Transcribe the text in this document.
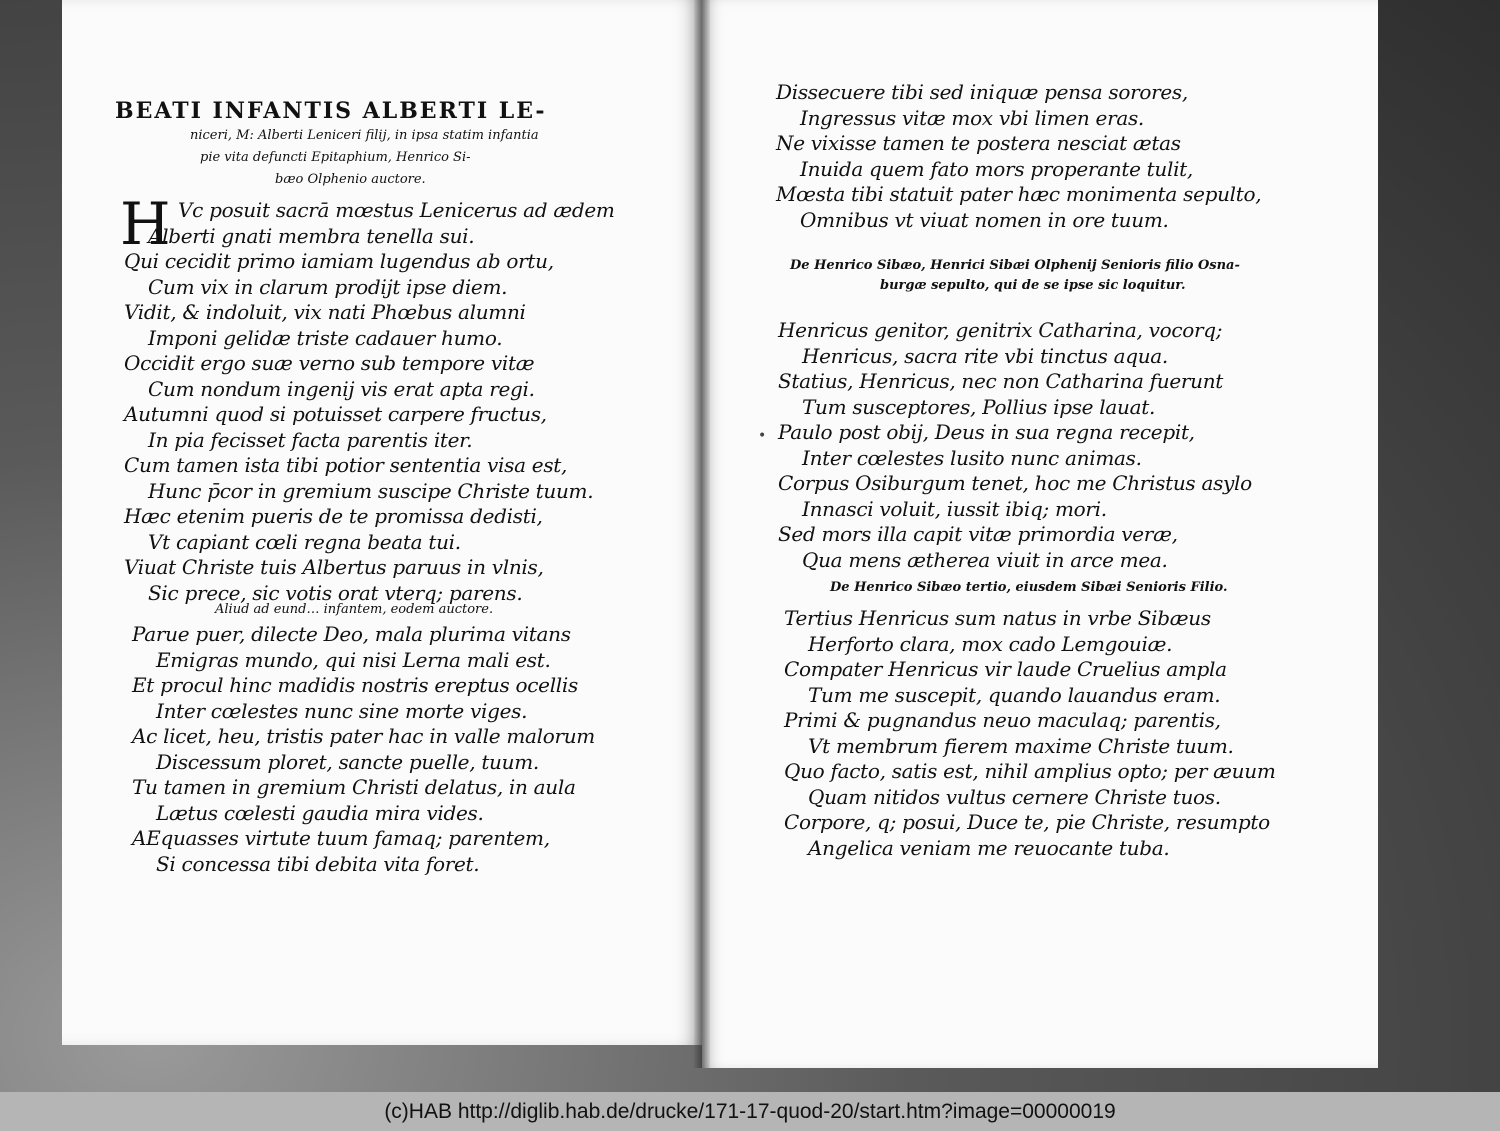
BEATI INFANTIS ALBERTI LE-
niceri, M: Alberti Leniceri filij, in ipsa statim infantia
pie vita defuncti Epitaphium, Henrico Si-
bæo Olphenio auctore.
H Vc posuit sacrā mœstus Lenicerus ad ædem
Alberti gnati membra tenella sui.
Qui cecidit primo iamiam lugendus ab ortu,
Cum vix in clarum prodijt ipse diem.
Vidit, & indoluit, vix nati Phœbus alumni
Imponi gelidæ triste cadauer humo.
Occidit ergo suæ verno sub tempore vitæ
Cum nondum ingenij vis erat apta regi.
Autumni quod si potuisset carpere fructus,
In pia fecisset facta parentis iter.
Cum tamen ista tibi potior sententia visa est,
Hunc p̄cor in gremium suscipe Christe tuum.
Hæc etenim pueris de te promissa dedisti,
Vt capiant cœli regna beata tui.
Viuat Christe tuis Albertus paruus in vlnis,
Sic prece, sic votis orat vterq; parens.
Aliud ad eund… infantem, eodem auctore.
Parue puer, dilecte Deo, mala plurima vitans
Emigras mundo, qui nisi Lerna mali est.
Et procul hinc madidis nostris ereptus ocellis
Inter cœlestes nunc sine morte viges.
Ac licet, heu, tristis pater hac in valle malorum
Discessum ploret, sancte puelle, tuum.
Tu tamen in gremium Christi delatus, in aula
Lætus cœlesti gaudia mira vides.
AEquasses virtute tuum famaq; parentem,
Si concessa tibi debita vita foret.
Dissecuere tibi sed iniquæ pensa sorores,
Ingressus vitæ mox vbi limen eras.
Ne vixisse tamen te postera nesciat ætas
Inuida quem fato mors properante tulit,
Mœsta tibi statuit pater hæc monimenta sepulto,
Omnibus vt viuat nomen in ore tuum.
De Henrico Sibæo, Henrici Sibæi Olphenij Senioris filio Osna-
burgæ sepulto, qui de se ipse sic loquitur.
Henricus genitor, genitrix Catharina, vocorq;
Henricus, sacra rite vbi tinctus aqua.
Statius, Henricus, nec non Catharina fuerunt
Tum susceptores, Pollius ipse lauat.
Paulo post obij, Deus in sua regna recepit,
Inter cœlestes lusito nunc animas.
Corpus Osiburgum tenet, hoc me Christus asylo
Innasci voluit, iussit ibiq; mori.
Sed mors illa capit vitæ primordia veræ,
Qua mens æthereа viuit in arce mea.
De Henrico Sibæo tertio, eiusdem Sibæi Senioris Filio.
Tertius Henricus sum natus in vrbe Sibæus
Herforto clara, mox cado Lemgouiæ.
Compater Henricus vir laude Cruelius ampla
Tum me suscepit, quando lauandus eram.
Primi & pugnandus neuo maculaq; parentis,
Vt membrum fierem maxime Christe tuum.
Quo facto, satis est, nihil amplius opto; per æuum
Quam nitidos vultus cernere Christe tuos.
Corpore, q; posui, Duce te, pie Christe, resumpto
Angelica veniam me reuocante tuba.
•
(c)HAB http://diglib.hab.de/drucke/171-17-quod-20/start.htm?image=00000019
